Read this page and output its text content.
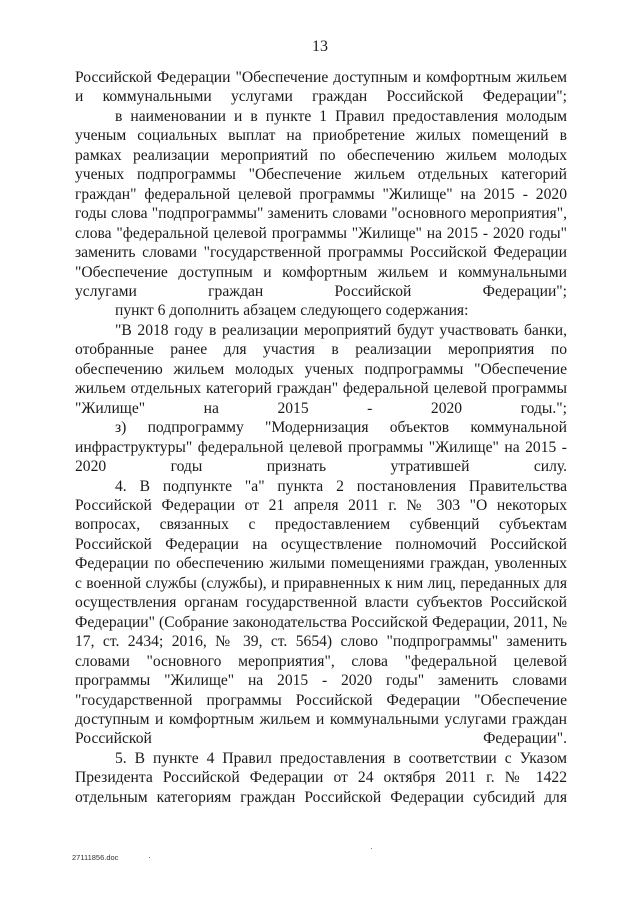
13

Российской Федерации "Обеспечение доступным и комфортным жильем и коммунальными услугами граждан Российской Федерации";

в наименовании и в пункте 1 Правил предоставления молодым ученым социальных выплат на приобретение жилых помещений в рамках реализации мероприятий по обеспечению жильем молодых ученых подпрограммы "Обеспечение жильем отдельных категорий граждан" федеральной целевой программы "Жилище" на 2015 - 2020 годы слова "подпрограммы" заменить словами "основного мероприятия", слова "федеральной целевой программы "Жилище" на 2015 - 2020 годы" заменить словами "государственной программы Российской Федерации "Обеспечение доступным и комфортным жильем и коммунальными услугами граждан Российской Федерации";

пункт 6 дополнить абзацем следующего содержания:

"В 2018 году в реализации мероприятий будут участвовать банки, отобранные ранее для участия в реализации мероприятия по обеспечению жильем молодых ученых подпрограммы "Обеспечение жильем отдельных категорий граждан" федеральной целевой программы "Жилище" на 2015 - 2020 годы.";

з) подпрограмму "Модернизация объектов коммунальной инфраструктуры" федеральной целевой программы "Жилище" на 2015 - 2020 годы признать утратившей силу.

4. В подпункте "а" пункта 2 постановления Правительства Российской Федерации от 21 апреля 2011 г. № 303 "О некоторых вопросах, связанных с предоставлением субвенций субъектам Российской Федерации на осуществление полномочий Российской Федерации по обеспечению жилыми помещениями граждан, уволенных с военной службы (службы), и приравненных к ним лиц, переданных для осуществления органам государственной власти субъектов Российской Федерации" (Собрание законодательства Российской Федерации, 2011, № 17, ст. 2434; 2016, № 39, ст. 5654) слово "подпрограммы" заменить словами "основного мероприятия", слова "федеральной целевой программы "Жилище" на 2015 - 2020 годы" заменить словами "государственной программы Российской Федерации "Обеспечение доступным и комфортным жильем и коммунальными услугами граждан Российской Федерации".

5. В пункте 4 Правил предоставления в соответствии с Указом Президента Российской Федерации от 24 октября 2011 г. № 1422 отдельным категориям граждан Российской Федерации субсидий для

27111856.doc
